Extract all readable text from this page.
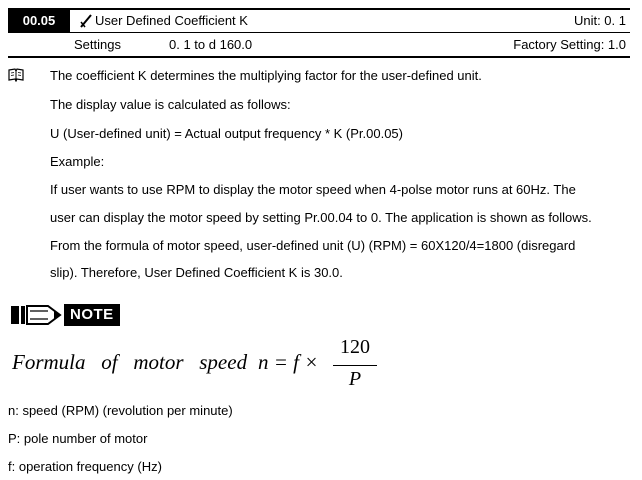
00.05	User Defined Coefficient K	Unit: 0. 1
Settings	0. 1 to d 160.0	Factory Setting: 1.0
The coefficient K determines the multiplying factor for the user-defined unit.
The display value is calculated as follows:
U (User-defined unit) = Actual output frequency * K (Pr.00.05)
Example:
If user wants to use RPM to display the motor speed when 4-polse motor runs at 60Hz. The
user can display the motor speed by setting Pr.00.04 to 0. The application is shown as follows.
From the formula of motor speed, user-defined unit (U) (RPM) = 60X120/4=1800 (disregard
slip). Therefore, User Defined Coefficient K is 30.0.
NOTE
Formula   of   motor   speed n = f ×
120
P
n: speed (RPM) (revolution per minute)
P: pole number of motor
f: operation frequency (Hz)
